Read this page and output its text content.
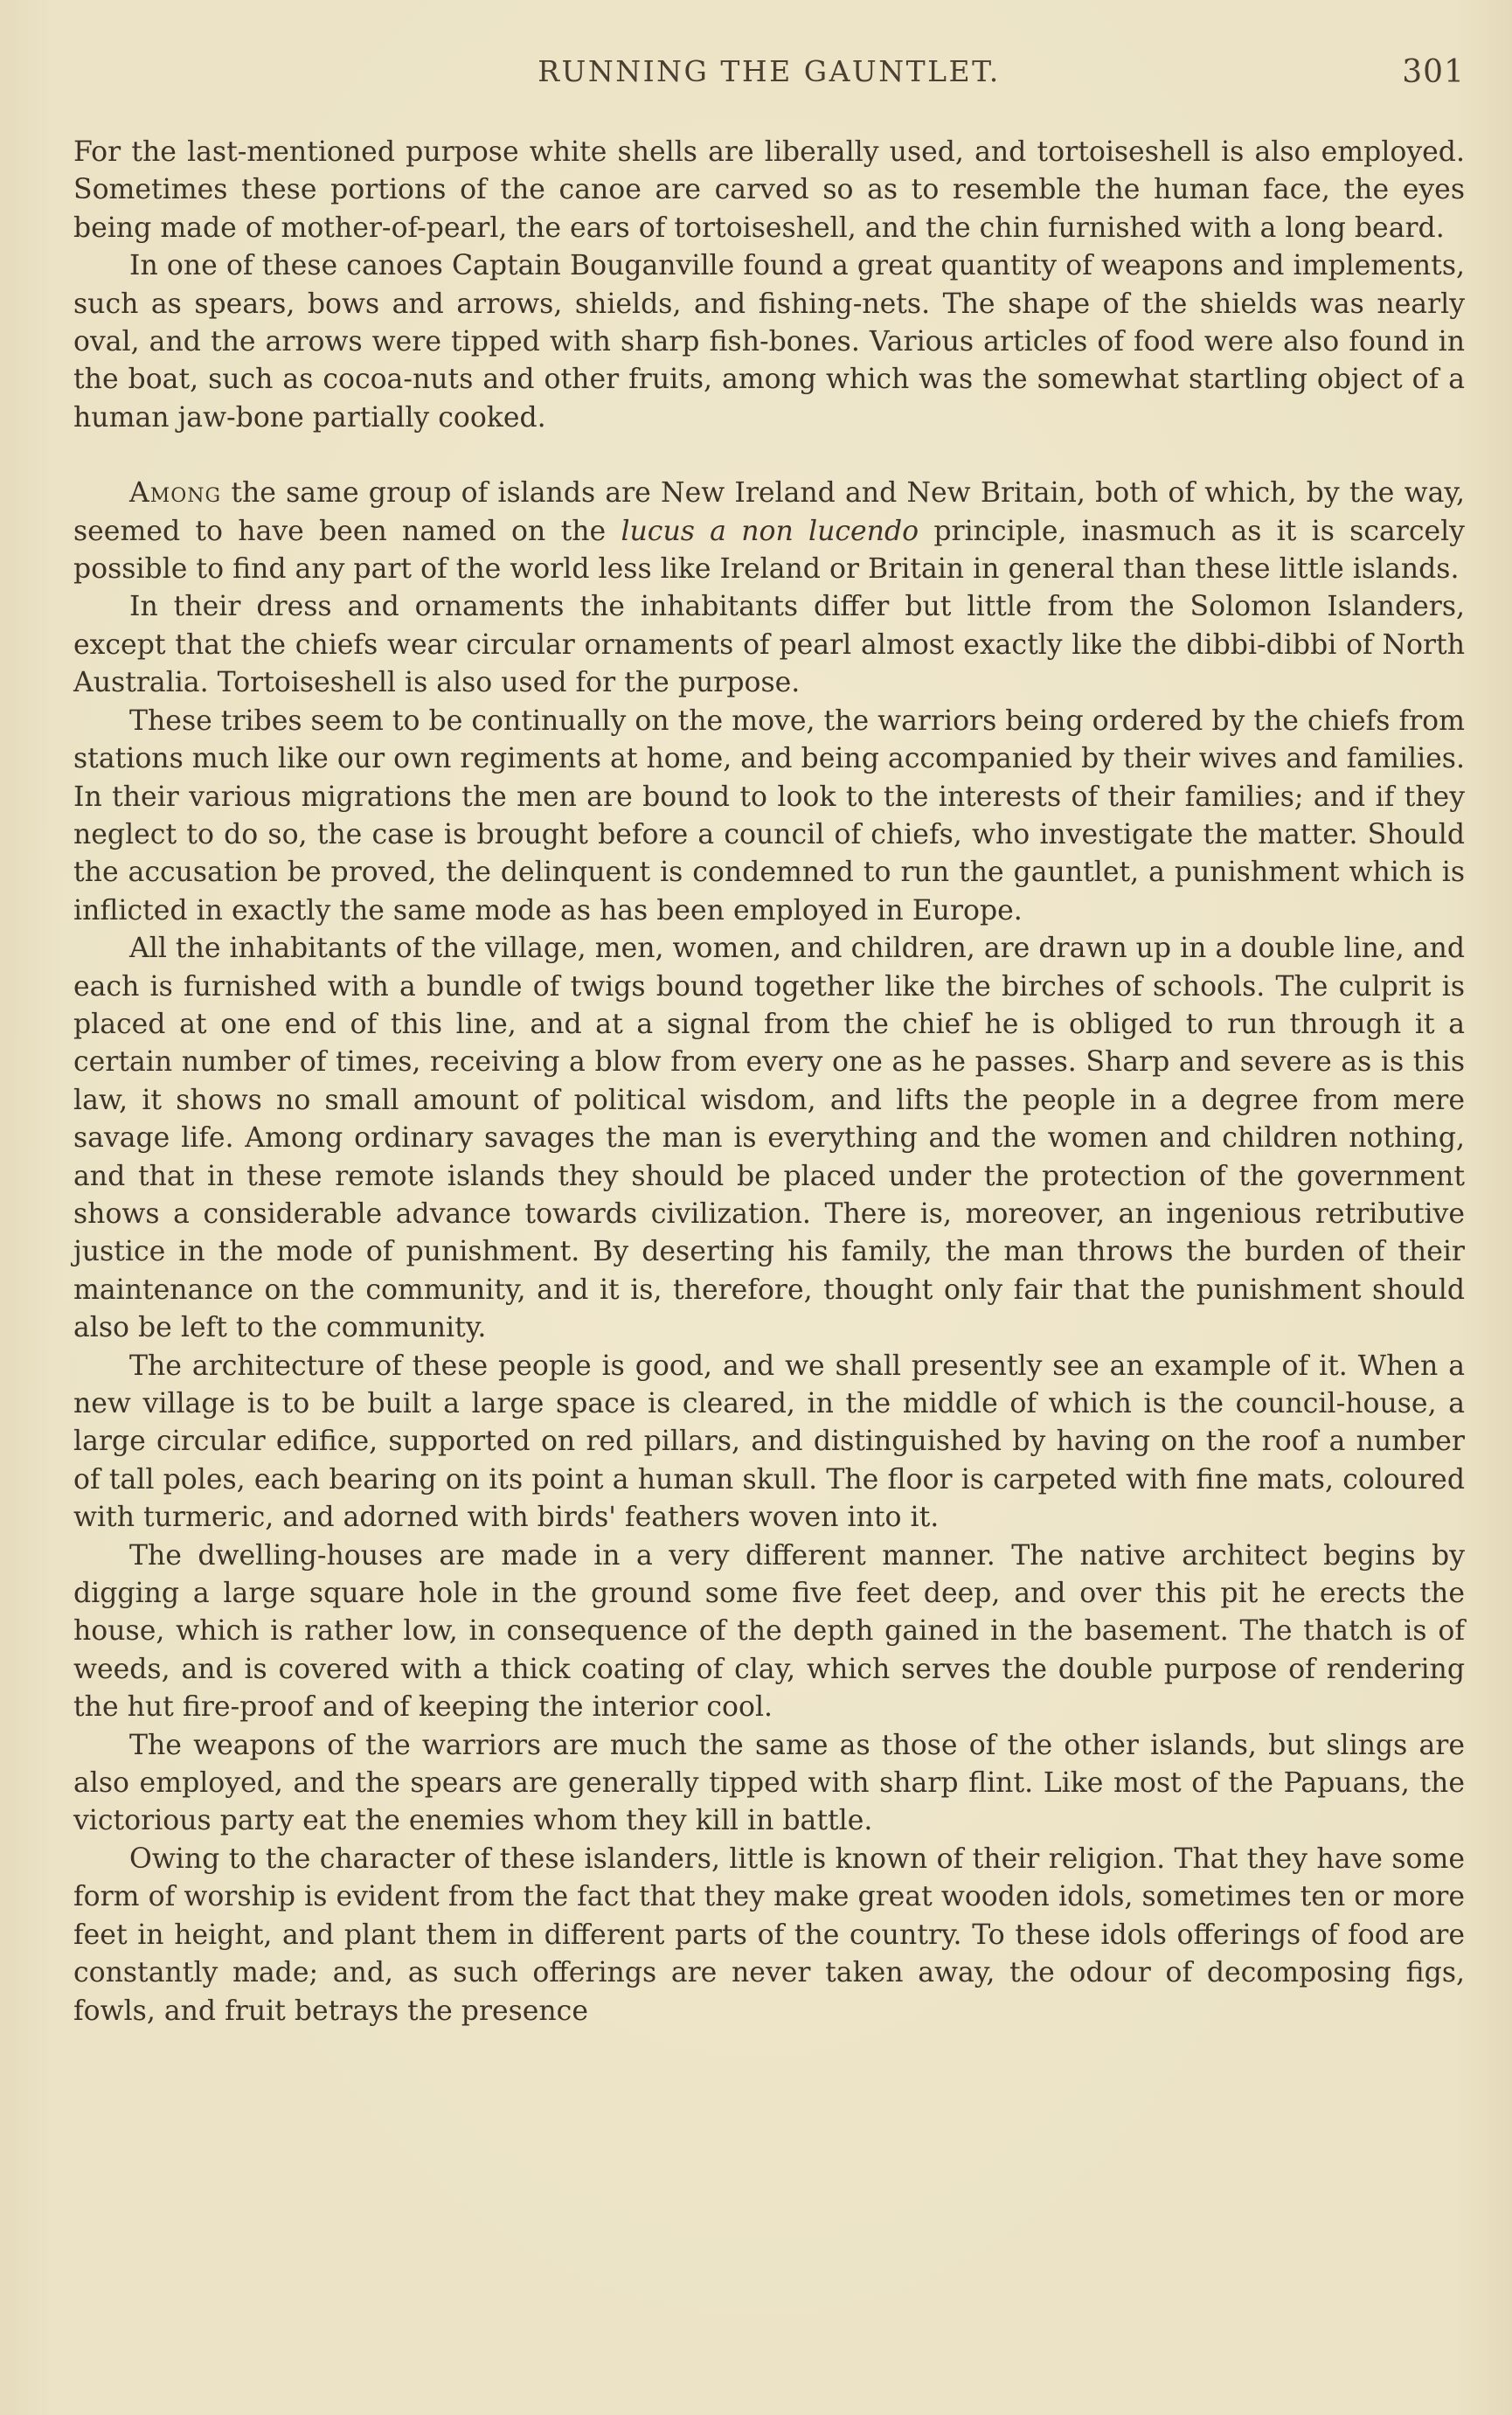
RUNNING THE GAUNTLET.	301

For the last-mentioned purpose white shells are liberally used, and tortoiseshell is also employed. Sometimes these portions of the canoe are carved so as to resemble the human face, the eyes being made of mother-of-pearl, the ears of tortoiseshell, and the chin furnished with a long beard.

In one of these canoes Captain Bouganville found a great quantity of weapons and implements, such as spears, bows and arrows, shields, and fishing-nets. The shape of the shields was nearly oval, and the arrows were tipped with sharp fish-bones. Various articles of food were also found in the boat, such as cocoa-nuts and other fruits, among which was the somewhat startling object of a human jaw-bone partially cooked.

Among the same group of islands are New Ireland and New Britain, both of which, by the way, seemed to have been named on the lucus a non lucendo principle, inasmuch as it is scarcely possible to find any part of the world less like Ireland or Britain in general than these little islands.

In their dress and ornaments the inhabitants differ but little from the Solomon Islanders, except that the chiefs wear circular ornaments of pearl almost exactly like the dibbi-dibbi of North Australia. Tortoiseshell is also used for the purpose.

These tribes seem to be continually on the move, the warriors being ordered by the chiefs from stations much like our own regiments at home, and being accompanied by their wives and families. In their various migrations the men are bound to look to the interests of their families; and if they neglect to do so, the case is brought before a council of chiefs, who investigate the matter. Should the accusation be proved, the delinquent is condemned to run the gauntlet, a punishment which is inflicted in exactly the same mode as has been employed in Europe.

All the inhabitants of the village, men, women, and children, are drawn up in a double line, and each is furnished with a bundle of twigs bound together like the birches of schools. The culprit is placed at one end of this line, and at a signal from the chief he is obliged to run through it a certain number of times, receiving a blow from every one as he passes. Sharp and severe as is this law, it shows no small amount of political wisdom, and lifts the people in a degree from mere savage life. Among ordinary savages the man is everything and the women and children nothing, and that in these remote islands they should be placed under the protection of the government shows a considerable advance towards civilization. There is, moreover, an ingenious retributive justice in the mode of punishment. By deserting his family, the man throws the burden of their maintenance on the community, and it is, therefore, thought only fair that the punishment should also be left to the community.

The architecture of these people is good, and we shall presently see an example of it. When a new village is to be built a large space is cleared, in the middle of which is the council-house, a large circular edifice, supported on red pillars, and distinguished by having on the roof a number of tall poles, each bearing on its point a human skull. The floor is carpeted with fine mats, coloured with turmeric, and adorned with birds' feathers woven into it.

The dwelling-houses are made in a very different manner. The native architect begins by digging a large square hole in the ground some five feet deep, and over this pit he erects the house, which is rather low, in consequence of the depth gained in the basement. The thatch is of weeds, and is covered with a thick coating of clay, which serves the double purpose of rendering the hut fire-proof and of keeping the interior cool.

The weapons of the warriors are much the same as those of the other islands, but slings are also employed, and the spears are generally tipped with sharp flint. Like most of the Papuans, the victorious party eat the enemies whom they kill in battle.

Owing to the character of these islanders, little is known of their religion. That they have some form of worship is evident from the fact that they make great wooden idols, sometimes ten or more feet in height, and plant them in different parts of the country. To these idols offerings of food are constantly made; and, as such offerings are never taken away, the odour of decomposing figs, fowls, and fruit betrays the presence
